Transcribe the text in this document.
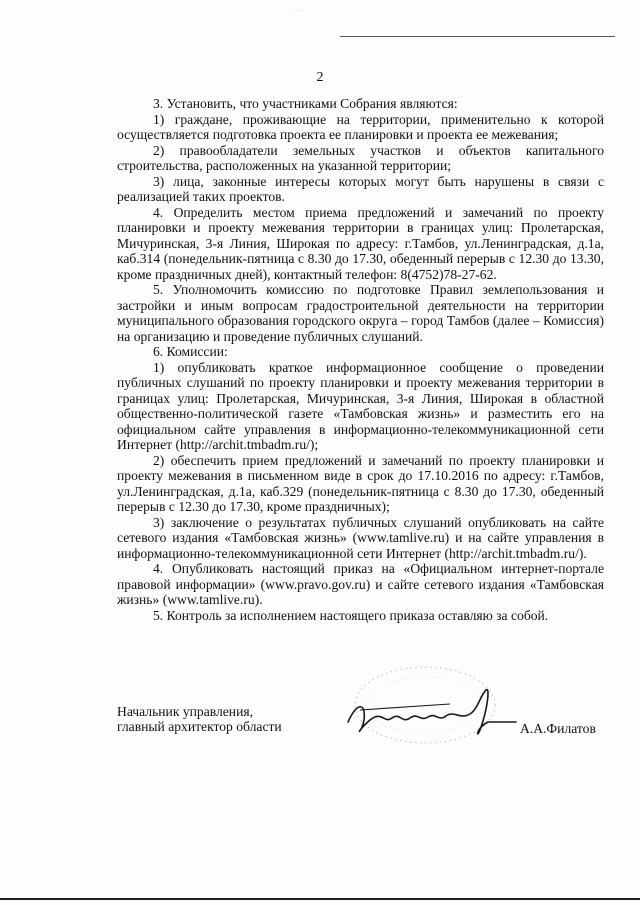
·····
2

3. Установить, что участниками Собрания являются:

1) граждане, проживающие на территории, применительно к которой осуществляется подготовка проекта ее планировки и проекта ее межевания;

2) правообладатели земельных участков и объектов капитального строительства, расположенных на указанной территории;

3) лица, законные интересы которых могут быть нарушены в связи с реализацией таких проектов.

4. Определить местом приема предложений и замечаний по проекту планировки и проекту межевания территории в границах улиц: Пролетарская, Мичуринская, 3-я Линия, Широкая по адресу: г.Тамбов, ул.Ленинградская, д.1а, каб.314 (понедельник-пятница с 8.30 до 17.30, обеденный перерыв с 12.30 до 13.30, кроме праздничных дней), контактный телефон: 8(4752)78-27-62.

5. Уполномочить комиссию по подготовке Правил землепользования и застройки и иным вопросам градостроительной деятельности на территории муниципального образования городского округа – город Тамбов (далее – Комиссия) на организацию и проведение публичных слушаний.

6. Комиссии:

1) опубликовать краткое информационное сообщение о проведении публичных слушаний по проекту планировки и проекту межевания территории в границах улиц: Пролетарская, Мичуринская, 3-я Линия, Широкая в областной общественно-политической газете «Тамбовская жизнь» и разместить его на официальном сайте управления в информационно-телекоммуникационной сети Интернет (http://archit.tmbadm.ru/);

2) обеспечить прием предложений и замечаний по проекту планировки и проекту межевания в письменном виде в срок до 17.10.2016 по адресу: г.Тамбов, ул.Ленинградская, д.1а, каб.329 (понедельник-пятница с 8.30 до 17.30, обеденный перерыв с 12.30 до 17.30, кроме праздничных);

3) заключение о результатах публичных слушаний опубликовать на сайте сетевого издания «Тамбовская жизнь» (www.tamlive.ru) и на сайте управления в информационно-телекоммуникационной сети Интернет (http://archit.tmbadm.ru/).

4. Опубликовать настоящий приказ на «Официальном интернет-портале правовой информации» (www.pravo.gov.ru) и сайте сетевого издания «Тамбовская жизнь» (www.tamlive.ru).

5. Контроль за исполнением настоящего приказа оставляю за собой.

Начальник управления,
главный архитектор области	А.А.Филатов
